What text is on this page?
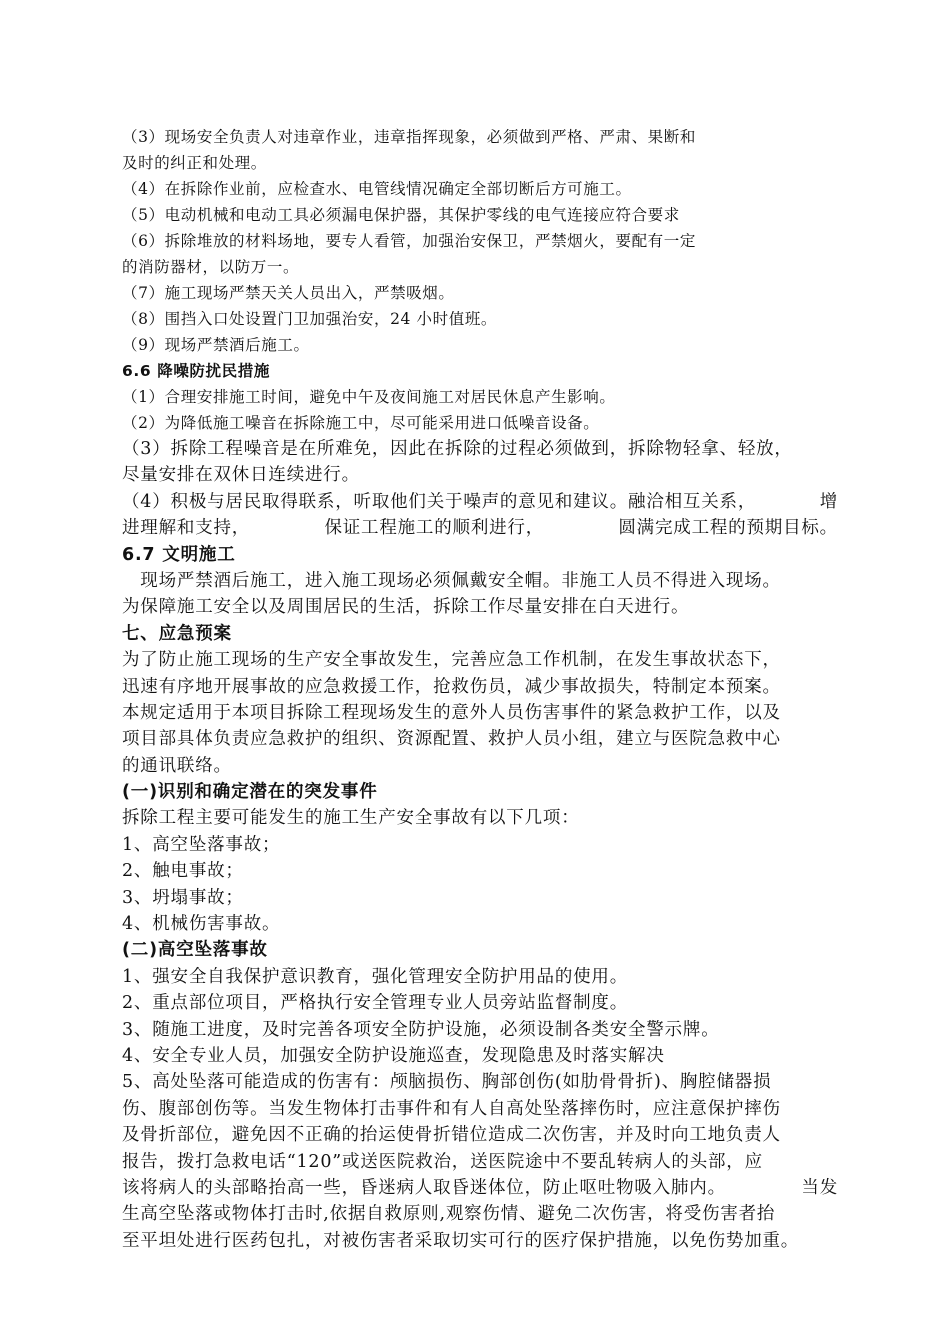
（3）现场安全负责人对违章作业，违章指挥现象，必须做到严格、严肃、果断和
及时的纠正和处理。
（4）在拆除作业前，应检查水、电管线情况确定全部切断后方可施工。
（5）电动机械和电动工具必须漏电保护器，其保护零线的电气连接应符合要求
（6）拆除堆放的材料场地，要专人看管，加强治安保卫，严禁烟火，要配有一定
的消防器材，以防万一。
（7）施工现场严禁天关人员出入，严禁吸烟。
（8）围挡入口处设置门卫加强治安，24 小时值班。
（9）现场严禁酒后施工。
6.6 降噪防扰民措施
（1）合理安排施工时间，避免中午及夜间施工对居民休息产生影响。
（2）为降低施工噪音在拆除施工中，尽可能采用进口低噪音设备。
（3）拆除工程噪音是在所难免，因此在拆除的过程必须做到，拆除物轻拿、轻放，
尽量安排在双休日连续进行。
（4）积极与居民取得联系，听取他们关于噪声的意见和建议。融洽相互关系，	增
进理解和支持，	保证工程施工的顺利进行，	圆满完成工程的预期目标。
6.7 文明施工
　现场严禁酒后施工，进入施工现场必须佩戴安全帽。非施工人员不得进入现场。
为保障施工安全以及周围居民的生活，拆除工作尽量安排在白天进行。
七、应急预案
为了防止施工现场的生产安全事故发生，完善应急工作机制，在发生事故状态下，
迅速有序地开展事故的应急救援工作，抢救伤员，减少事故损失，特制定本预案。
本规定适用于本项目拆除工程现场发生的意外人员伤害事件的紧急救护工作，以及
项目部具体负责应急救护的组织、资源配置、救护人员小组，建立与医院急救中心
的通讯联络。
(一)识别和确定潜在的突发事件
拆除工程主要可能发生的施工生产安全事故有以下几项：
1、高空坠落事故；
2、触电事故；
3、坍塌事故；
4、机械伤害事故。
(二)高空坠落事故
1、强安全自我保护意识教育，强化管理安全防护用品的使用。
2、重点部位项目，严格执行安全管理专业人员旁站监督制度。
3、随施工进度，及时完善各项安全防护设施，必须设制各类安全警示牌。
4、安全专业人员，加强安全防护设施巡查，发现隐患及时落实解决
5、高处坠落可能造成的伤害有：颅脑损伤、胸部创伤(如肋骨骨折)、胸腔储器损
伤、腹部创伤等。当发生物体打击事件和有人自高处坠落摔伤时，应注意保护摔伤
及骨折部位，避免因不正确的抬运使骨折错位造成二次伤害，并及时向工地负责人
报告，拨打急救电话“120”或送医院救治，送医院途中不要乱转病人的头部，应
该将病人的头部略抬高一些，昏迷病人取昏迷体位，防止呕吐物吸入肺内。	当发
生高空坠落或物体打击时,依据自救原则,观察伤情、避免二次伤害，将受伤害者抬
至平坦处进行医药包扎，对被伤害者采取切实可行的医疗保护措施，以免伤势加重。
